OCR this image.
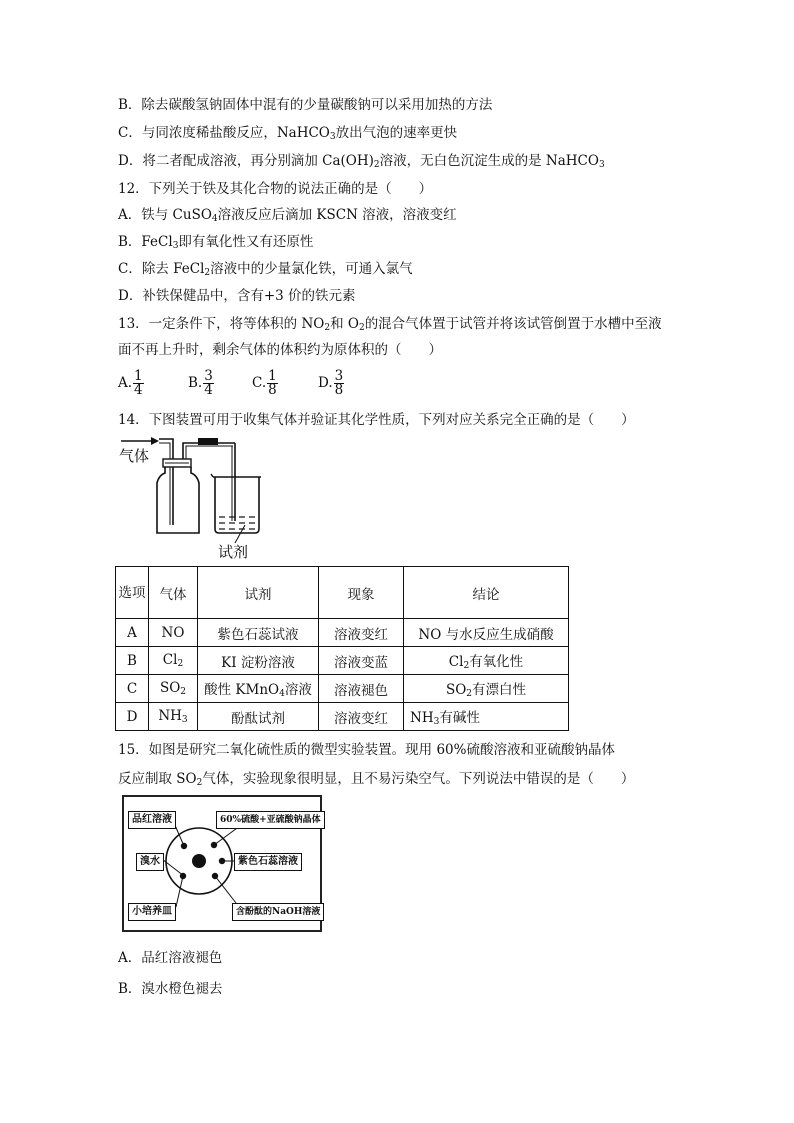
B．除去碳酸氢钠固体中混有的少量碳酸钠可以采用加热的方法
C．与同浓度稀盐酸反应，NaHCO$_3$放出气泡的速率更快
D．将二者配成溶液，再分别滴加 $Ca(OH)_2$溶液，无白色沉淀生成的是 NaHCO$_3$
12．下列关于铁及其化合物的说法正确的是（　　）
A．铁与 CuSO$_4$溶液反应后滴加 KSCN 溶液，溶液变红
B．FeCl$_3$即有氧化性又有还原性
C．除去 FeCl$_2$溶液中的少量氯化铁，可通入氯气
D．补铁保健品中，含有+3 价的铁元素
13．一定条件下，将等体积的 $NO_2$和 $O_2$的混合气体置于试管并将该试管倒置于水槽中至液
面不再上升时，剩余气体的体积约为原体积的（　　）
A. $\frac{1}{4}$	B. $\frac{3}{4}$	C. $\frac{1}{8}$	D. $\frac{3}{8}$
14．下图装置可用于收集气体并验证其化学性质，下列对应关系完全正确的是（　　）
气体
试剂
选项	气体	试剂	现象	结论
A	NO	紫色石蕊试液	溶液变红	NO 与水反应生成硝酸
B	$Cl_2$	KI 淀粉溶液	溶液变蓝	$Cl_2$有氧化性
C	$SO_2$	酸性 KMnO$_4$溶液	溶液褪色	$SO_2$有漂白性
D	$NH_3$	酚酞试剂	溶液变红	$NH_3$有碱性
15．如图是研究二氧化硫性质的微型实验装置。现用 60%硫酸溶液和亚硫酸钠晶体
反应制取 $SO_2$气体，实验现象很明显，且不易污染空气。下列说法中错误的是（　　）
品红溶液
溴水
小培养皿
60%硫酸+亚硫酸钠晶体
紫色石蕊溶液
含酚酞的NaOH溶液
A．品红溶液褪色
B．溴水橙色褪去
